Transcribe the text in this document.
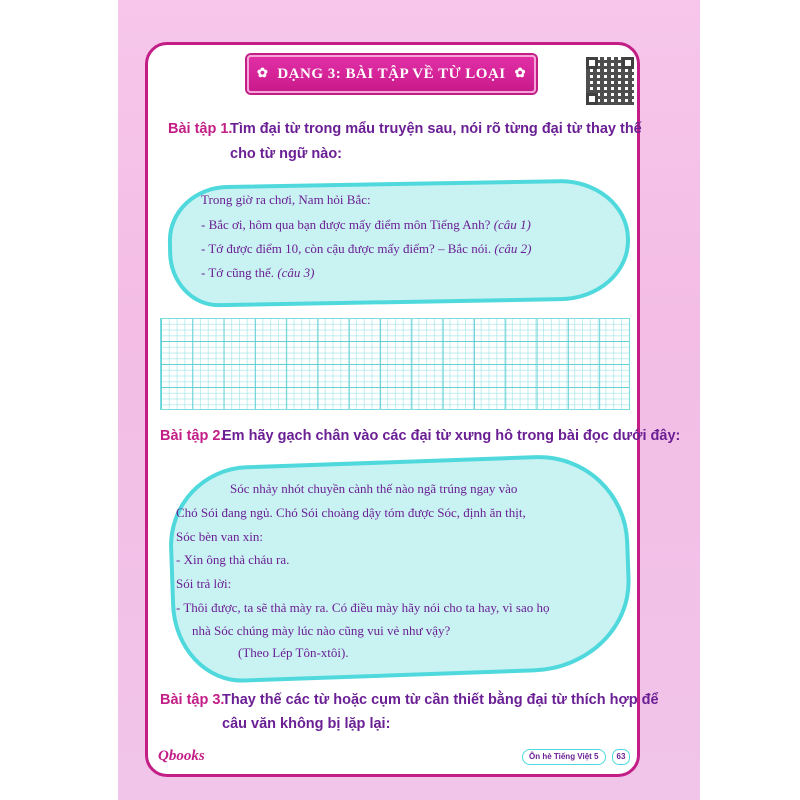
✿ DẠNG 3: BÀI TẬP VỀ TỪ LOẠI ✿
Bài tập 1.
Tìm đại từ trong mẩu truyện sau, nói rõ từng đại từ thay thế
cho từ ngữ nào:
Trong giờ ra chơi, Nam hỏi Bắc:
- Bắc ơi, hôm qua bạn được mấy điểm môn Tiếng Anh? (câu 1)
- Tớ được điểm 10, còn cậu được mấy điểm? – Bắc nói. (câu 2)
- Tớ cũng thế. (câu 3)
Bài tập 2.
Em hãy gạch chân vào các đại từ xưng hô trong bài đọc dưới đây:
Sóc nhảy nhót chuyền cành thế nào ngã trúng ngay vào
Chó Sói đang ngủ. Chó Sói choàng dậy tóm được Sóc, định ăn thịt,
Sóc bèn van xin:
- Xin ông thả cháu ra.
Sói trả lời:
- Thôi được, ta sẽ thả mày ra. Có điều mày hãy nói cho ta hay, vì sao họ
nhà Sóc chúng mày lúc nào cũng vui vẻ như vậy?
(Theo Lép Tôn-xtôi).
Bài tập 3.
Thay thế các từ hoặc cụm từ cần thiết bằng đại từ thích hợp để
câu văn không bị lặp lại:
Qbooks	Ôn hè Tiếng Việt 5	63
